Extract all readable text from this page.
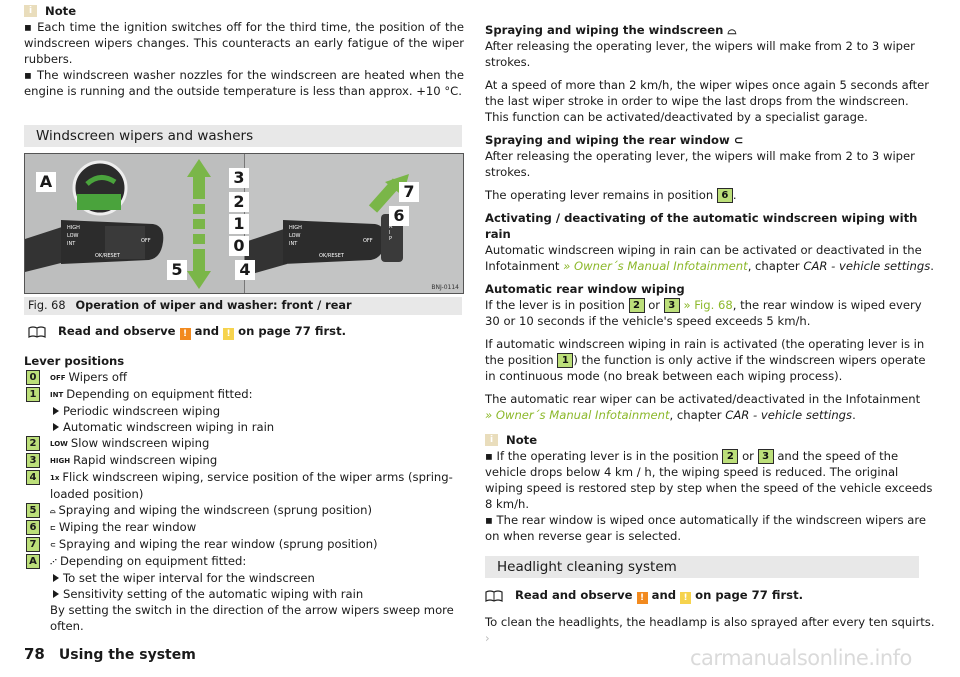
i	Note

▪ Each time the ignition switches off for the third time, the position of the windscreen wipers changes. This counteracts an early fatigue of the wiper rubbers.

▪ The windscreen washer nozzles for the windscreen are heated when the engine is running and the outside temperature is less than approx. +10 °C.

Windscreen wipers and washers
A	3
2
1
0
5	4
7
6
HIGH
LOW
INT	OFF
OK/RESET
OFF
OK/RESET
HIGH
LOW
INT
T
R
I
P
BNJ-0114
Fig. 68 Operation of wiper and washer: front / rear

Read and observe ! and ! on page 77 first.

Lever positions

0	OFF Wipers off
1	INT Depending on equipment fitted:
Periodic windscreen wiping
Automatic windscreen wiping in rain
2	LOW Slow windscreen wiping
3	HIGH Rapid windscreen wiping
4	1x Flick windscreen wiping, service position of the wiper arms (spring-loaded position)
5	⌓ Spraying and wiping the windscreen (sprung position)
6	⊏ Wiping the rear window
7	⊂ Spraying and wiping the rear window (sprung position)
A	⋰ Depending on equipment fitted:
To set the wiper interval for the windscreen
Sensitivity setting of the automatic wiping with rain
By setting the switch in the direction of the arrow wipers sweep more often.

Spraying and wiping the windscreen ⌓

After releasing the operating lever, the wipers will make from 2 to 3 wiper strokes.

At a speed of more than 2 km/h, the wiper wipes once again 5 seconds after the last wiper stroke in order to wipe the last drops from the windscreen. This function can be activated/deactivated by a specialist garage.

Spraying and wiping the rear window ⊂

After releasing the operating lever, the wipers will make from 2 to 3 wiper strokes.

The operating lever remains in position 6 .

Activating / deactivating of the automatic windscreen wiping with rain

Automatic windscreen wiping in rain can be activated or deactivated in the Infotainment » Owner´s Manual Infotainment, chapter CAR - vehicle settings.

Automatic rear window wiping

If the lever is in position 2 or 3 » Fig. 68, the rear window is wiped every 30 or 10 seconds if the vehicle's speed exceeds 5 km/h.

If automatic windscreen wiping in rain is activated (the operating lever is in the position 1 ) the function is only active if the windscreen wipers operate in continuous mode (no break between each wiping process).

The automatic rear wiper can be activated/deactivated in the Infotainment
» Owner´s Manual Infotainment, chapter CAR - vehicle settings.

i	Note

▪ If the operating lever is in the position 2 or 3 and the speed of the vehicle drops below 4 km / h, the wiping speed is reduced. The original wiping speed is restored step by step when the speed of the vehicle exceeds 8 km/h.

▪ The rear window is wiped once automatically if the windscreen wipers are on when reverse gear is selected.

Headlight cleaning system

Read and observe ! and ! on page 77 first.

To clean the headlights, the headlamp is also sprayed after every ten squirts. ›

78 Using the system	carmanualsonline.info
